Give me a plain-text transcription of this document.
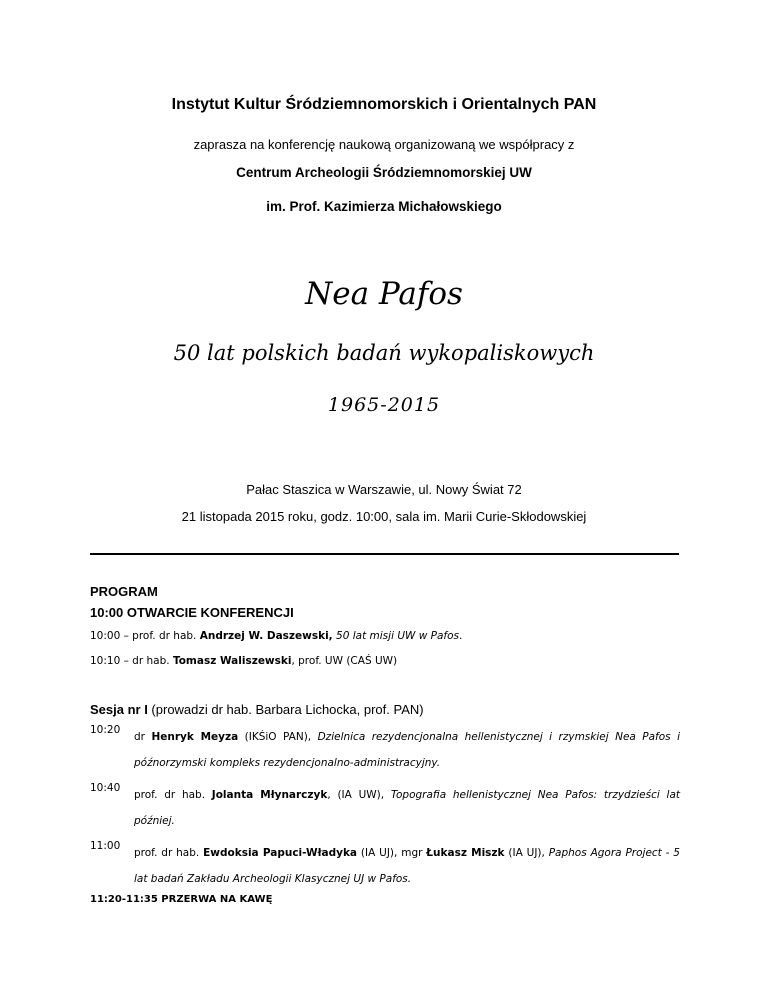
Instytut Kultur Śródziemnomorskich i Orientalnych PAN
zaprasza na konferencję naukową organizowaną we współpracy z
Centrum Archeologii Śródziemnomorskiej UW
im. Prof. Kazimierza Michałowskiego
Nea Pafos
50 lat polskich badań wykopaliskowych
1965-2015
Pałac Staszica w Warszawie, ul. Nowy Świat 72
21 listopada 2015 roku, godz. 10:00, sala im. Marii Curie-Skłodowskiej
PROGRAM
10:00 OTWARCIE KONFERENCJI
10:00 – prof. dr hab. Andrzej W. Daszewski, 50 lat misji UW w Pafos.
10:10 – dr hab. Tomasz Waliszewski, prof. UW (CAŚ UW)
Sesja nr I (prowadzi dr hab. Barbara Lichocka, prof. PAN)
10:20
dr Henryk Meyza (IKŚiO PAN), Dzielnica rezydencjonalna hellenistycznej i rzymskiej Nea Pafos i późnorzymski kompleks rezydencjonalno-administracyjny.
10:40
prof. dr hab. Jolanta Młynarczyk, (IA UW), Topografia hellenistycznej Nea Pafos: trzydzieści lat później.
11:00
prof. dr hab. Ewdoksia Papuci-Władyka (IA UJ), mgr Łukasz Miszk (IA UJ), Paphos Agora Project - 5 lat badań Zakładu Archeologii Klasycznej UJ w Pafos.
11:20-11:35 PRZERWA NA KAWĘ
